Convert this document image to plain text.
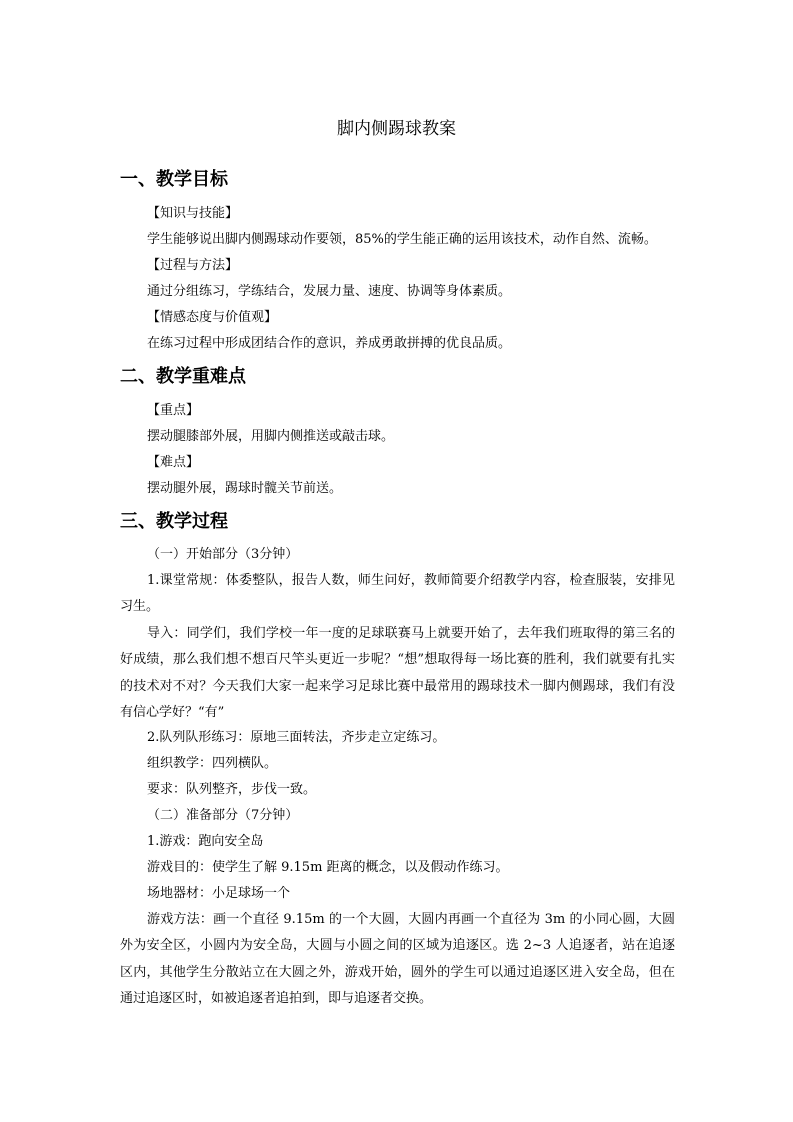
脚内侧踢球教案
一、教学目标
【知识与技能】
学生能够说出脚内侧踢球动作要领，85%的学生能正确的运用该技术，动作自然、流畅。
【过程与方法】
通过分组练习，学练结合，发展力量、速度、协调等身体素质。
【情感态度与价值观】
在练习过程中形成团结合作的意识，养成勇敢拼搏的优良品质。
二、教学重难点
【重点】
摆动腿膝部外展，用脚内侧推送或敲击球。
【难点】
摆动腿外展，踢球时髋关节前送。
三、教学过程
（一）开始部分（3分钟）
1.课堂常规：体委整队，报告人数，师生问好，教师简要介绍教学内容，检查服装，安排见习生。
导入：同学们，我们学校一年一度的足球联赛马上就要开始了，去年我们班取得的第三名的好成绩，那么我们想不想百尺竿头更近一步呢？“想”想取得每一场比赛的胜利，我们就要有扎实的技术对不对？今天我们大家一起来学习足球比赛中最常用的踢球技术一脚内侧踢球，我们有没有信心学好？“有”
2.队列队形练习：原地三面转法，齐步走立定练习。
组织教学：四列横队。
要求：队列整齐，步伐一致。
（二）准备部分（7分钟）
1.游戏：跑向安全岛
游戏目的：使学生了解 9.15m 距离的概念，以及假动作练习。
场地器材：小足球场一个
游戏方法：画一个直径 9.15m 的一个大圆，大圆内再画一个直径为 3m 的小同心圆，大圆外为安全区，小圆内为安全岛，大圆与小圆之间的区域为追逐区。选 2~3 人追逐者，站在追逐区内，其他学生分散站立在大圆之外，游戏开始，圆外的学生可以通过追逐区进入安全岛，但在通过追逐区时，如被追逐者追拍到，即与追逐者交换。
